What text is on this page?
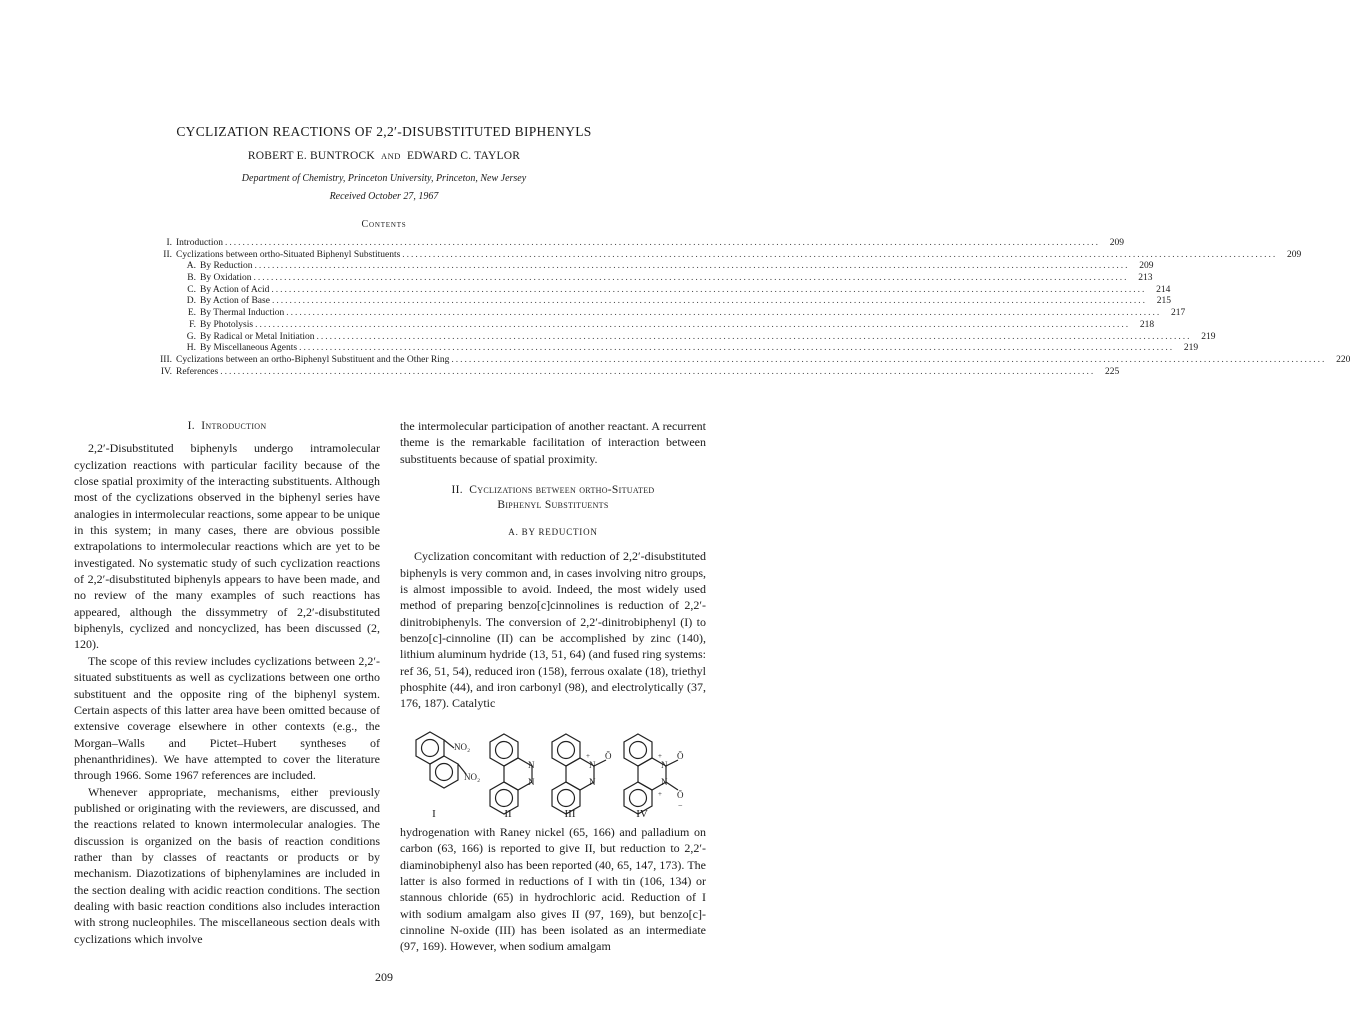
CYCLIZATION REACTIONS OF 2,2′-DISUBSTITUTED BIPHENYLS
ROBERT E. BUNTROCK AND EDWARD C. TAYLOR
Department of Chemistry, Princeton University, Princeton, New Jersey
Received October 27, 1967
Contents
I. Introduction ........................................................................................................................................................................................................	209
II. Cyclizations between ortho-Situated Biphenyl Substituents ........................................................................................................................................................................................................	209
A. By Reduction ........................................................................................................................................................................................................	209
B. By Oxidation ........................................................................................................................................................................................................	213
C. By Action of Acid ........................................................................................................................................................................................................	214
D. By Action of Base ........................................................................................................................................................................................................	215
E. By Thermal Induction ........................................................................................................................................................................................................	217
F. By Photolysis ........................................................................................................................................................................................................	218
G. By Radical or Metal Initiation ........................................................................................................................................................................................................	219
H. By Miscellaneous Agents ........................................................................................................................................................................................................	219
III. Cyclizations between an ortho-Biphenyl Substituent and the Other Ring ........................................................................................................................................................................................................	220
IV. References ........................................................................................................................................................................................................	225
I. Introduction

2,2′-Disubstituted biphenyls undergo intramolecular cyclization reactions with particular facility because of the close spatial proximity of the interacting substituents. Although most of the cyclizations observed in the biphenyl series have analogies in intermolecular reactions, some appear to be unique in this system; in many cases, there are obvious possible extrapolations to intermolecular reactions which are yet to be investigated. No systematic study of such cyclization reactions of 2,2′-disubstituted biphenyls appears to have been made, and no review of the many examples of such reactions has appeared, although the dissymmetry of 2,2′-disubstituted biphenyls, cyclized and noncyclized, has been discussed (2, 120).

The scope of this review includes cyclizations between 2,2′-situated substituents as well as cyclizations between one ortho substituent and the opposite ring of the biphenyl system. Certain aspects of this latter area have been omitted because of extensive coverage elsewhere in other contexts (e.g., the Morgan–Walls and Pictet–Hubert syntheses of phenanthridines). We have attempted to cover the literature through 1966. Some 1967 references are included.

Whenever appropriate, mechanisms, either previously published or originating with the reviewers, are discussed, and the reactions related to known intermolecular analogies. The discussion is organized on the basis of reaction conditions rather than by classes of reactants or products or by mechanism. Diazotizations of biphenylamines are included in the section dealing with acidic reaction conditions. The section dealing with basic reaction conditions also includes interaction with strong nucleophiles. The miscellaneous section deals with cyclizations which involve

the intermolecular participation of another reactant. A recurrent theme is the remarkable facilitation of interaction between substituents because of spatial proximity.

II. Cyclizations between ortho-Situated
Biphenyl Substituents
A. BY REDUCTION

Cyclization concomitant with reduction of 2,2′-disubstituted biphenyls is very common and, in cases involving nitro groups, is almost impossible to avoid. Indeed, the most widely used method of preparing benzo[c]cinnolines is reduction of 2,2′-dinitrobiphenyls. The conversion of 2,2′-dinitrobiphenyl (I) to benzo[c]-cinnoline (II) can be accomplished by zinc (140), lithium aluminum hydride (13, 51, 64) (and fused ring systems: ref 36, 51, 54), reduced iron (158), ferrous oxalate (18), triethyl phosphite (44), and iron carbonyl (98), and electrolytically (37, 176, 187). Catalytic

NO₂
NO₂
N
N
N
N
+ Ō
N
N
+
+
Ō
Ō
−
I	II	III	IV

hydrogenation with Raney nickel (65, 166) and palladium on carbon (63, 166) is reported to give II, but reduction to 2,2′-diaminobiphenyl also has been reported (40, 65, 147, 173). The latter is also formed in reductions of I with tin (106, 134) or stannous chloride (65) in hydrochloric acid. Reduction of I with sodium amalgam also gives II (97, 169), but benzo[c]-cinnoline N-oxide (III) has been isolated as an intermediate (97, 169). However, when sodium amalgam

209
